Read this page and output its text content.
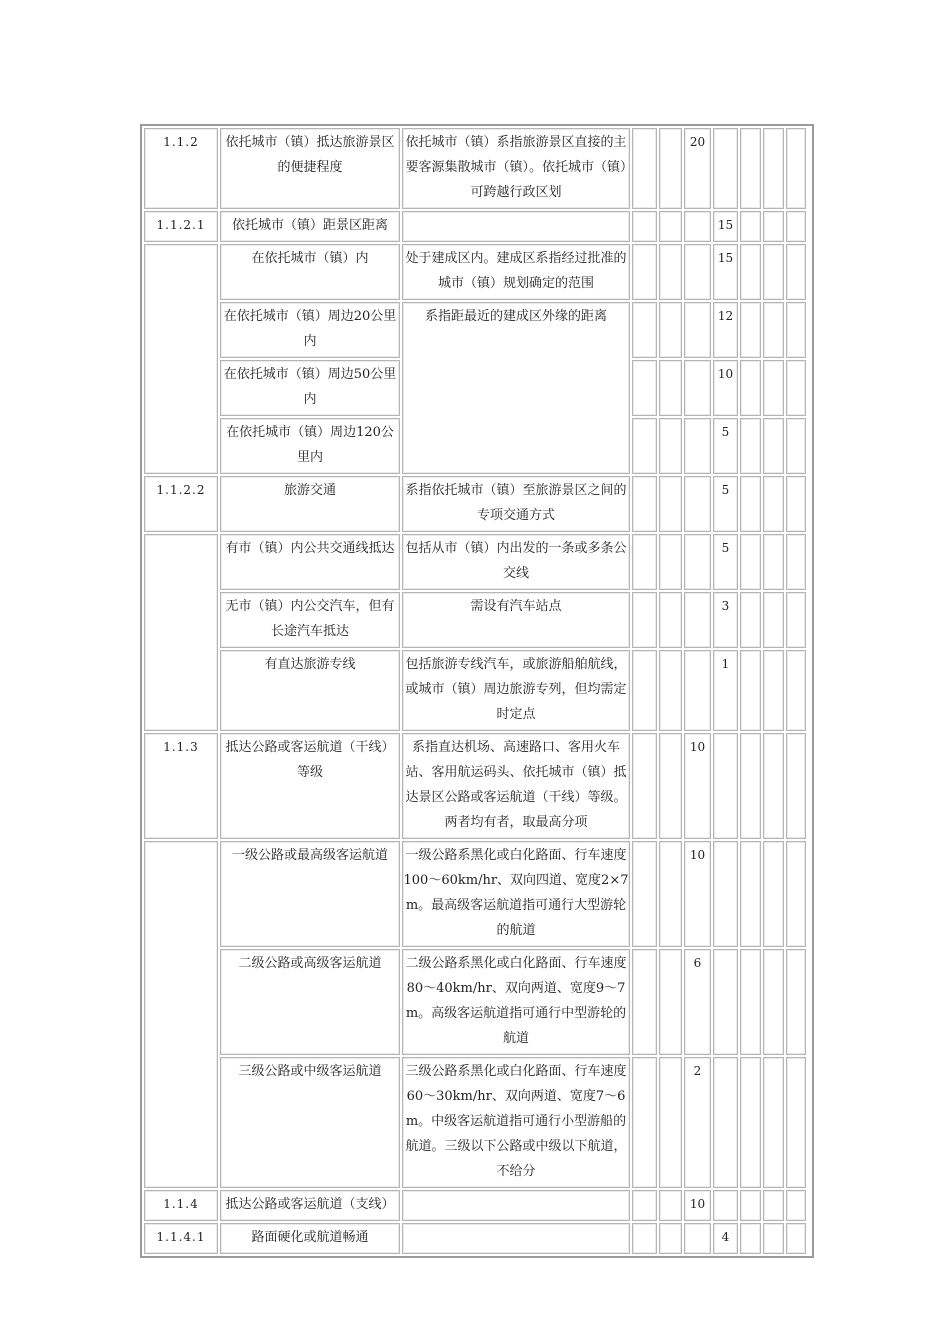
1.1.2	依托城市（镇）抵达旅游景区的便捷程度	依托城市（镇）系指旅游景区直接的主要客源集散城市（镇）。依托城市（镇）可跨越行政区划			20				
1.1.2.1	依托城市（镇）距景区距离					15			
	在依托城市（镇）内	处于建成区内。建成区系指经过批准的城市（镇）规划确定的范围				15			
	在依托城市（镇）周边20公里内	系指距最近的建成区外缘的距离				12			
	在依托城市（镇）周边50公里内					10			
	在依托城市（镇）周边120公里内					5			
1.1.2.2	旅游交通	系指依托城市（镇）至旅游景区之间的专项交通方式				5			
	有市（镇）内公共交通线抵达	包括从市（镇）内出发的一条或多条公交线				5			
	无市（镇）内公交汽车，但有长途汽车抵达	需设有汽车站点				3			
	有直达旅游专线	包括旅游专线汽车，或旅游船舶航线，或城市（镇）周边旅游专列，但均需定时定点				1			
1.1.3	抵达公路或客运航道（干线）等级	系指直达机场、高速路口、客用火车站、客用航运码头、依托城市（镇）抵达景区公路或客运航道（干线）等级。两者均有者，取最高分项			10				
	一级公路或最高级客运航道	一级公路系黑化或白化路面、行车速度100～60km/hr、双向四道、宽度2×7m。最高级客运航道指可通行大型游轮的航道			10				
	二级公路或高级客运航道	二级公路系黑化或白化路面、行车速度80～40km/hr、双向两道、宽度9～7m。高级客运航道指可通行中型游轮的航道			6				
	三级公路或中级客运航道	三级公路系黑化或白化路面、行车速度60～30km/hr、双向两道、宽度7～6m。中级客运航道指可通行小型游船的航道。三级以下公路或中级以下航道，不给分			2				
1.1.4	抵达公路或客运航道（支线）				10				
1.1.4.1	路面硬化或航道畅通					4			
